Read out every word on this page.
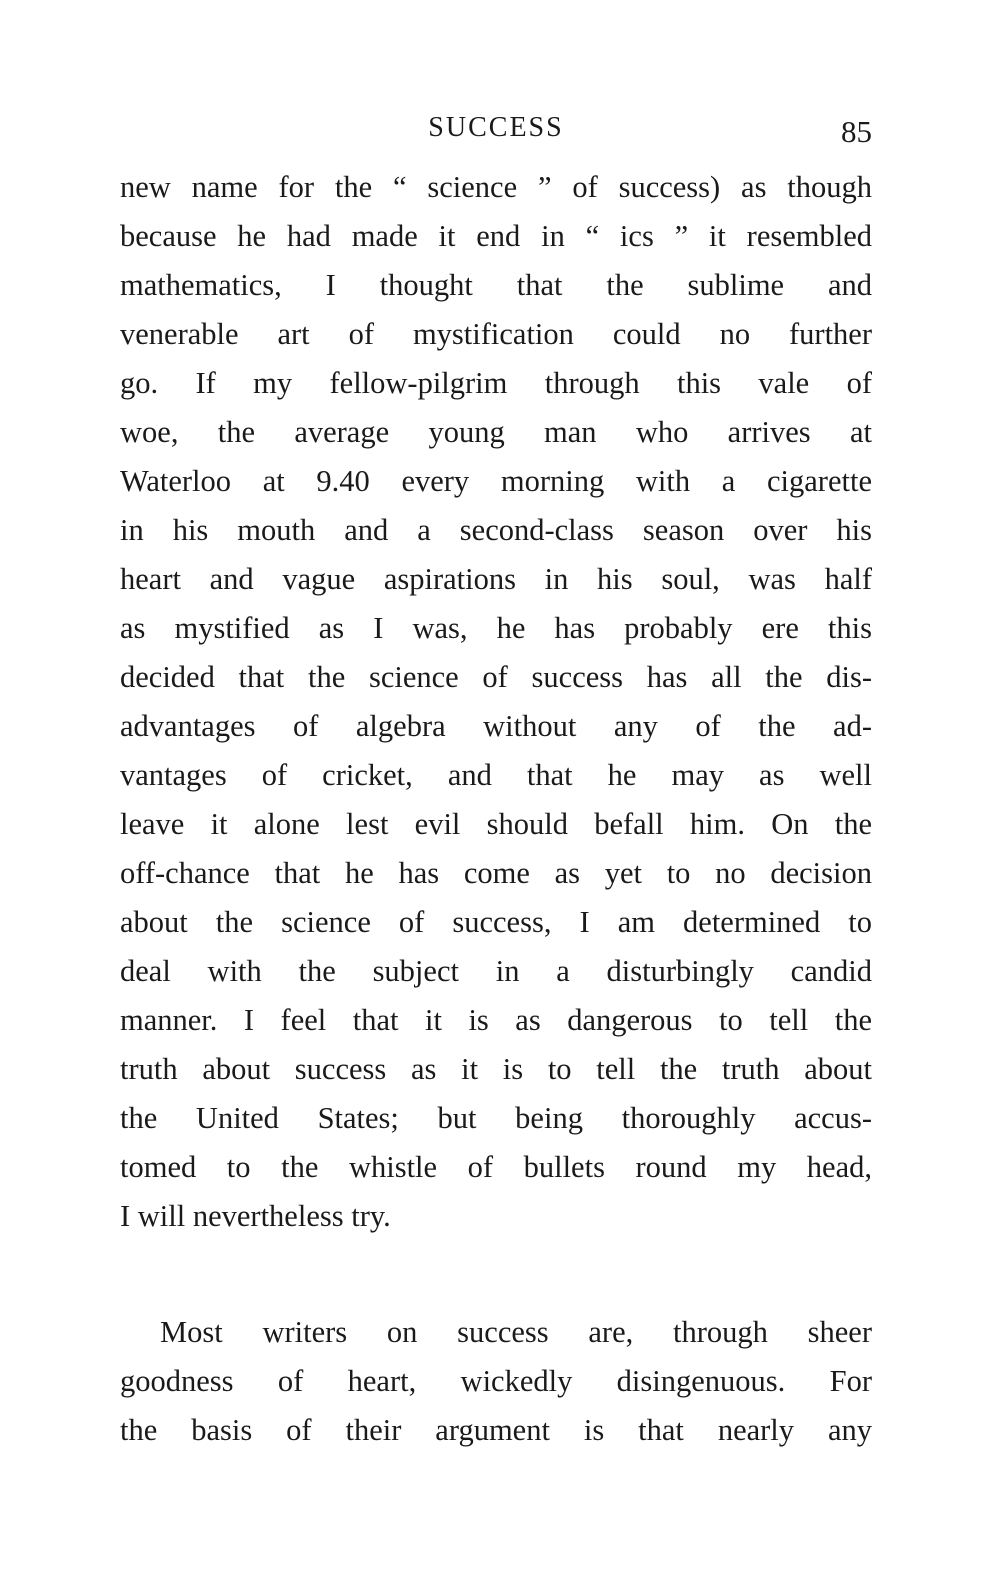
SUCCESS	85
new name for the “ science ” of success) as though
because he had made it end in “ ics ” it resembled
mathematics, I thought that the sublime and
venerable art of mystification could no further
go. If my fellow-pilgrim through this vale of
woe, the average young man who arrives at
Waterloo at 9.40 every morning with a cigarette
in his mouth and a second-class season over his
heart and vague aspirations in his soul, was half
as mystified as I was, he has probably ere this
decided that the science of success has all the dis-
advantages of algebra without any of the ad-
vantages of cricket, and that he may as well
leave it alone lest evil should befall him. On the
off-chance that he has come as yet to no decision
about the science of success, I am determined to
deal with the subject in a disturbingly candid
manner. I feel that it is as dangerous to tell the
truth about success as it is to tell the truth about
the United States; but being thoroughly accus-
tomed to the whistle of bullets round my head,
I will nevertheless try.
Most writers on success are, through sheer
goodness of heart, wickedly disingenuous. For
the basis of their argument is that nearly any
